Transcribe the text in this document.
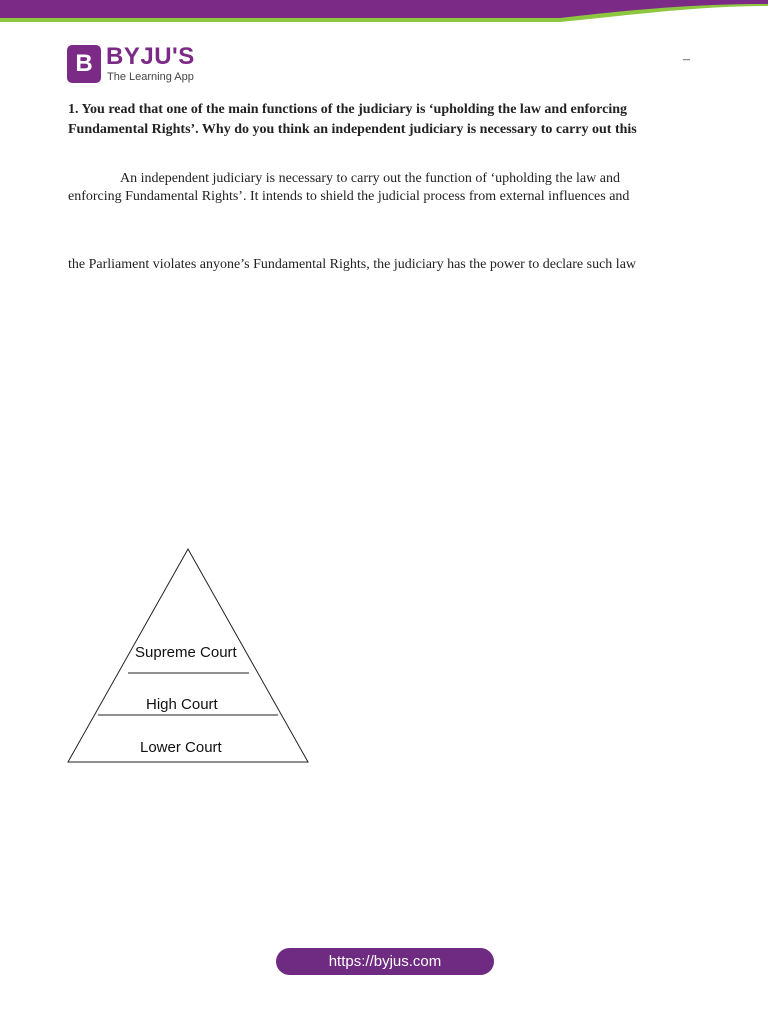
B BYJU'S
The Learning App
–

1. You read that one of the main functions of the judiciary is ‘upholding the law and enforcing
Fundamental Rights’. Why do you think an independent judiciary is necessary to carry out this

An independent judiciary is necessary to carry out the function of ‘upholding the law and
enforcing Fundamental Rights’. It intends to shield the judicial process from external influences and

the Parliament violates anyone’s Fundamental Rights, the judiciary has the power to declare such law

Supreme Court
High Court
Lower Court
https://byjus.com
